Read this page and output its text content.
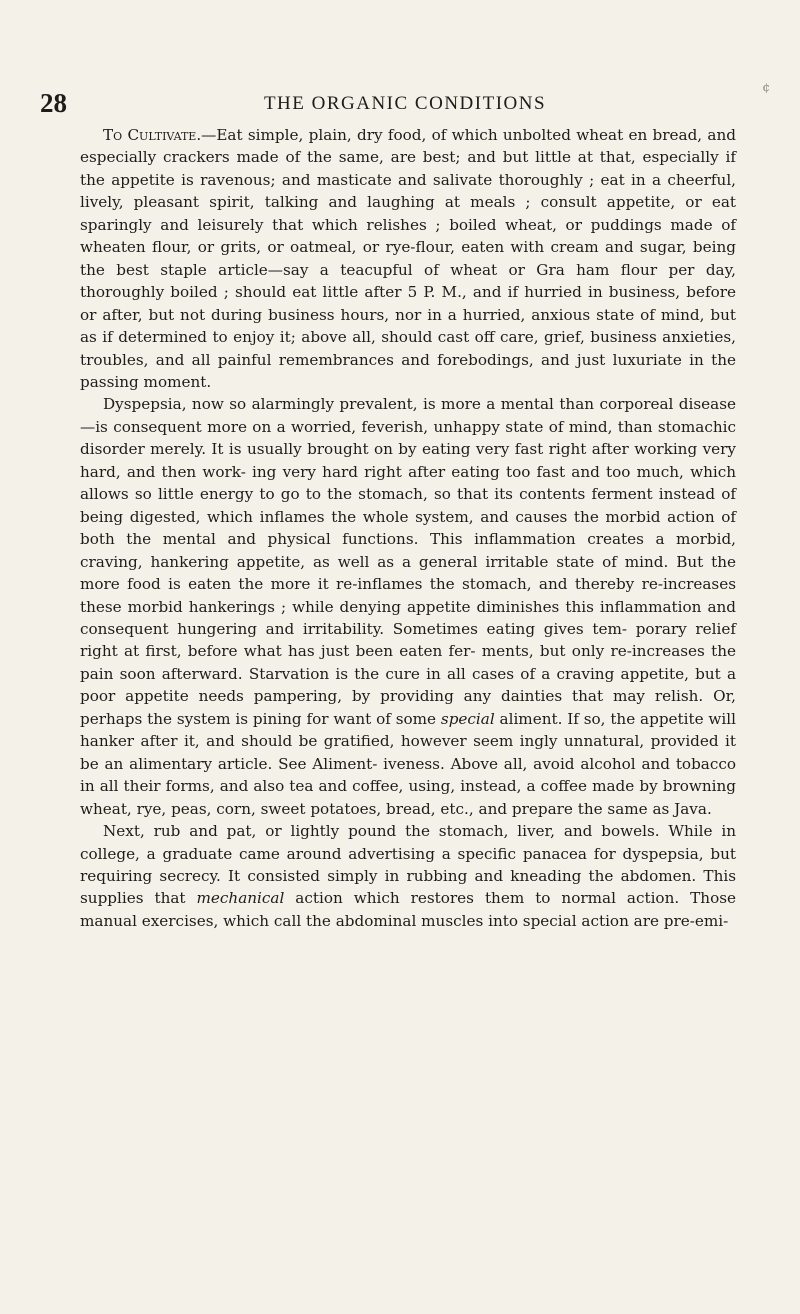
28	THE ORGANIC CONDITIONS
¢

To Cultivate.—Eat simple, plain, dry food, of which unbolted wheat en bread, and especially crackers made of the same, are best; and but little at that, especially if the appetite is ravenous; and masticate and salivate thoroughly ; eat in a cheerful, lively, pleasant spirit, talking and laughing at meals ; consult appetite, or eat sparingly and leisurely that which relishes ; boiled wheat, or puddings made of wheaten flour, or grits, or oatmeal, or rye-flour, eaten with cream and sugar, being the best staple article—say a teacupful of wheat or Gra ham flour per day, thoroughly boiled ; should eat little after 5 P. M., and if hurried in business, before or after, but not during business hours, nor in a hurried, anxious state of mind, but as if determined to enjoy it; above all, should cast off care, grief, business anxieties, troubles, and all painful remembrances and forebodings, and just luxuriate in the passing moment.

Dyspepsia, now so alarmingly prevalent, is more a mental than corporeal disease—is consequent more on a worried, feverish, unhappy state of mind, than stomachic disorder merely. It is usually brought on by eating very fast right after working very hard, and then work- ing very hard right after eating too fast and too much, which allows so little energy to go to the stomach, so that its contents ferment instead of being digested, which inflames the whole system, and causes the morbid action of both the mental and physical functions. This inflammation creates a morbid, craving, hankering appetite, as well as a general irritable state of mind. But the more food is eaten the more it re-inflames the stomach, and thereby re-increases these morbid hankerings ; while denying appetite diminishes this inflammation and consequent hungering and irritability. Sometimes eating gives tem- porary relief right at first, before what has just been eaten fer- ments, but only re-increases the pain soon afterward. Starvation is the cure in all cases of a craving appetite, but a poor appetite needs pampering, by providing any dainties that may relish. Or, perhaps the system is pining for want of some special aliment. If so, the appetite will hanker after it, and should be gratified, however seem ingly unnatural, provided it be an alimentary article. See Aliment- iveness. Above all, avoid alcohol and tobacco in all their forms, and also tea and coffee, using, instead, a coffee made by browning wheat, rye, peas, corn, sweet potatoes, bread, etc., and prepare the same as Java.

Next, rub and pat, or lightly pound the stomach, liver, and bowels. While in college, a graduate came around advertising a specific panacea for dyspepsia, but requiring secrecy. It consisted simply in rubbing and kneading the abdomen. This supplies that mechanical action which restores them to normal action. Those manual exercises, which call the abdominal muscles into special action are pre-emi-
